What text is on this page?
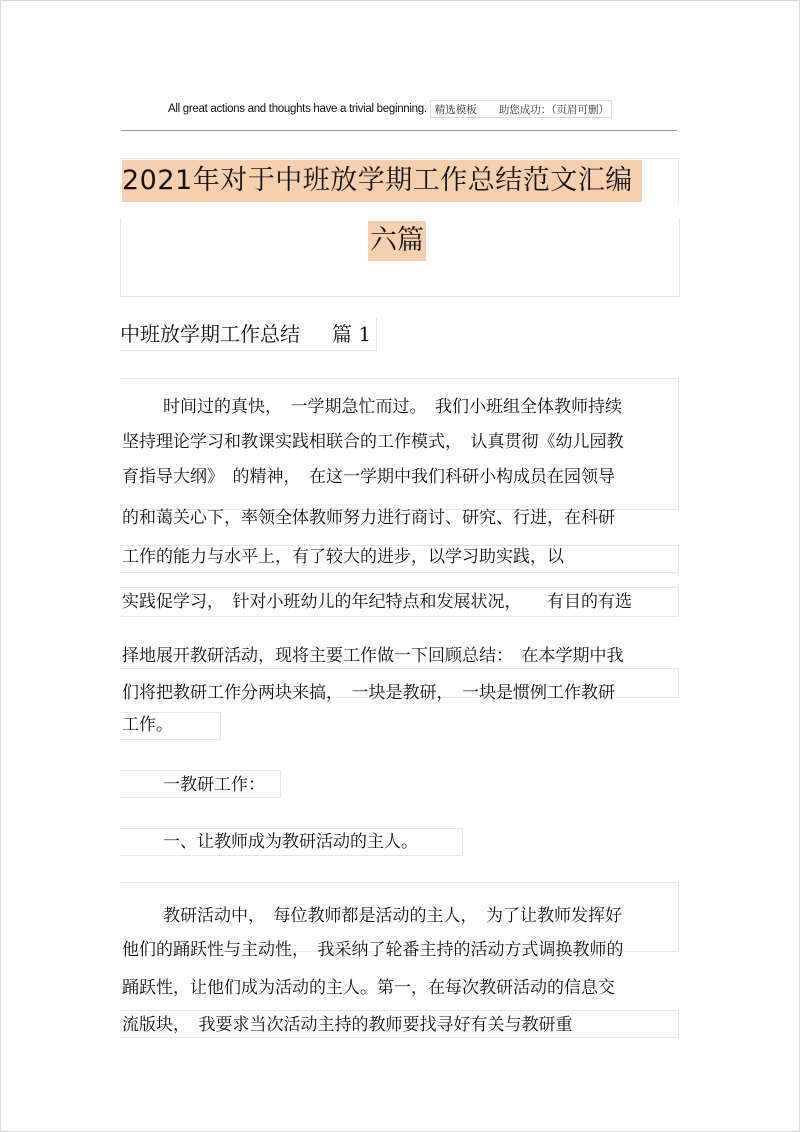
All great actions and thoughts have a trivial beginning. 精选模板 助您成功：（页眉可删）
2021年对于中班放学期工作总结范文汇编
六篇
中班放学期工作总结 篇 1
时间过的真快，　一学期急忙而过。　我们小班组全体教师持续
坚持理论学习和教课实践相联合的工作模式，　认真贯彻《幼儿园教
育指导大纲》　的精神，　在这一学期中我们科研小构成员在园领导
的和蔼关心下，率领全体教师努力进行商讨、研究、行进，在科研
工作的能力与水平上，有了较大的进步，以学习助实践，以
实践促学习，　针对小班幼儿的年纪特点和发展状况，　　有目的有选
择地展开教研活动，现将主要工作做一下回顾总结：　在本学期中我
们将把教研工作分两块来搞，　一块是教研，　一块是惯例工作教研
工作。
一教研工作：
一、让教师成为教研活动的主人。
教研活动中，　每位教师都是活动的主人，　为了让教师发挥好
他们的踊跃性与主动性，　我采纳了轮番主持的活动方式调换教师的
踊跃性，让他们成为活动的主人。第一，在每次教研活动的信息交
流版块，　我要求当次活动主持的教师要找寻好有关与教研重
